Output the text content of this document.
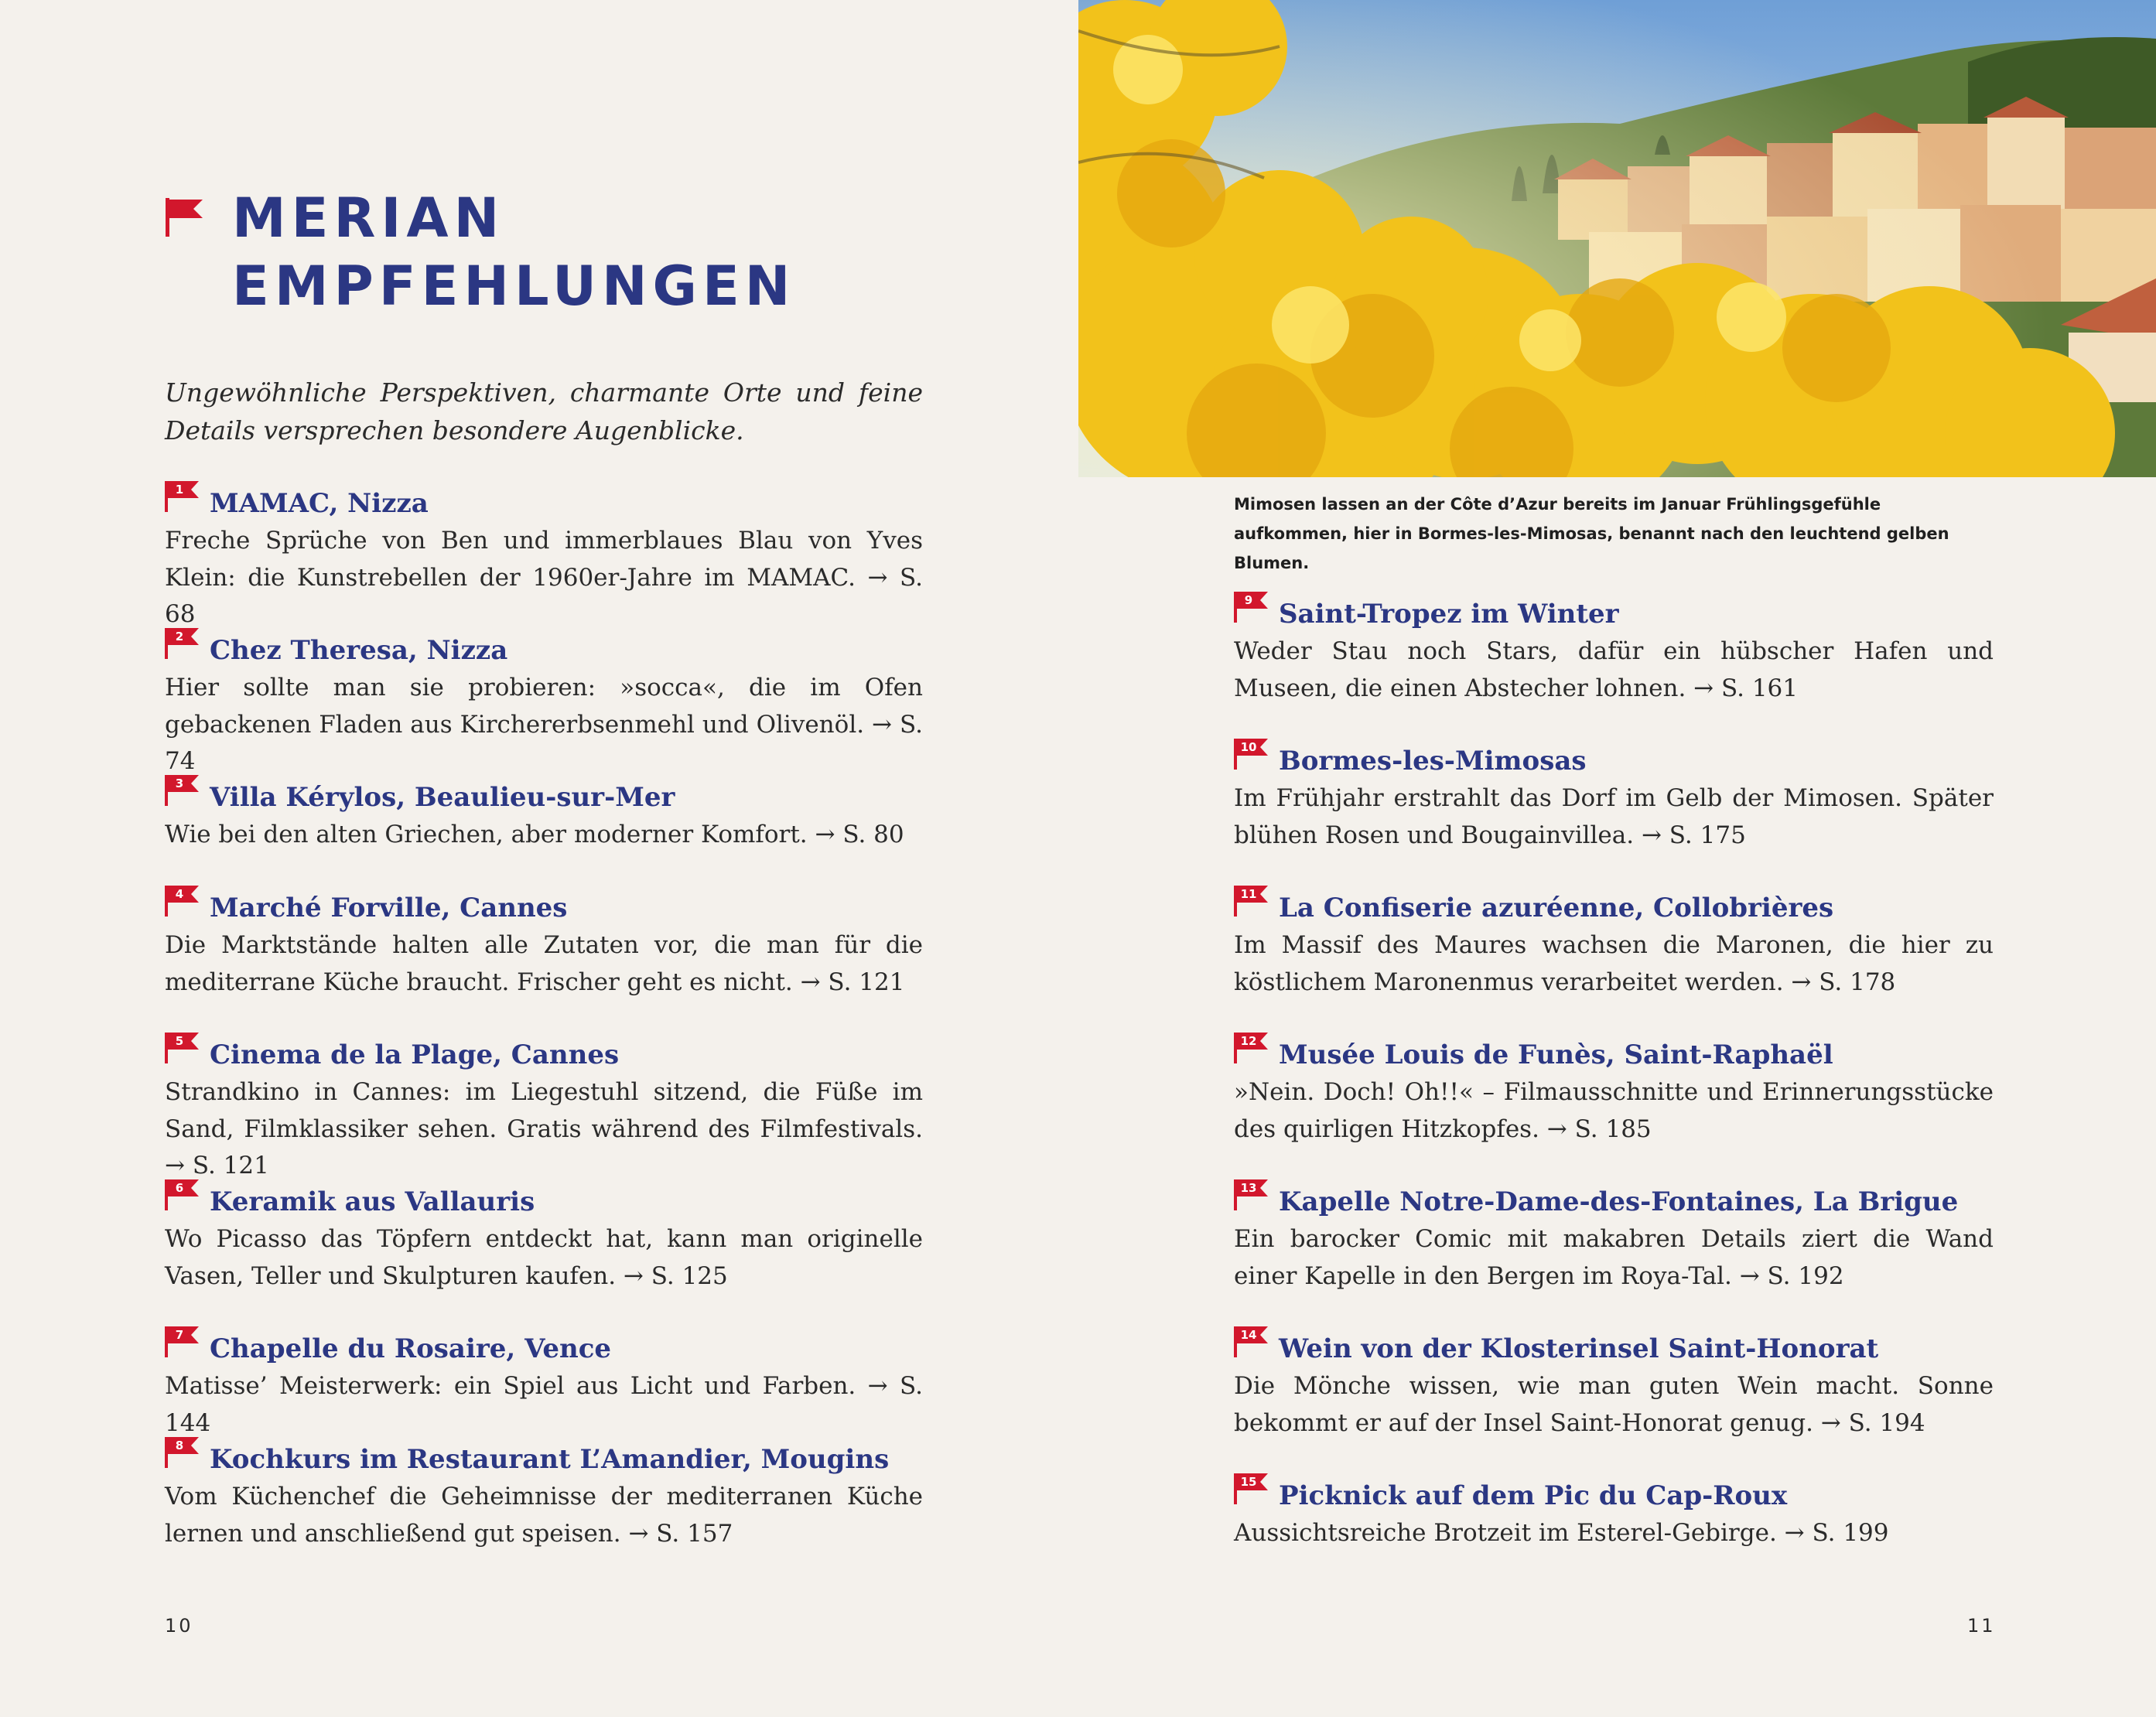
MERIAN
EMPFEHLUNGEN

Ungewöhnliche Perspektiven, charmante Orte und feine Details versprechen besondere Augenblicke.

1 MAMAC, Nizza

Freche Sprüche von Ben und immerblaues Blau von Yves Klein: die Kunstrebellen der 1960er-Jahre im MAMAC. → S. 68

2 Chez Theresa, Nizza

Hier sollte man sie probieren: »socca«, die im Ofen gebackenen Fladen aus Kirchererbsenmehl und Olivenöl. → S. 74

3 Villa Kérylos, Beaulieu-sur-Mer

Wie bei den alten Griechen, aber moderner Komfort. → S. 80

4 Marché Forville, Cannes

Die Marktstände halten alle Zutaten vor, die man für die mediterrane Küche braucht. Frischer geht es nicht. → S. 121

5 Cinema de la Plage, Cannes

Strandkino in Cannes: im Liegestuhl sitzend, die Füße im Sand, Filmklassiker sehen. Gratis während des Filmfestivals. → S. 121

6 Keramik aus Vallauris

Wo Picasso das Töpfern entdeckt hat, kann man originelle Vasen, Teller und Skulpturen kaufen. → S. 125

7 Chapelle du Rosaire, Vence

Matisse’ Meisterwerk: ein Spiel aus Licht und Farben. → S. 144

8 Kochkurs im Restaurant L’Amandier, Mougins

Vom Küchenchef die Geheimnisse der mediterranen Küche lernen und anschließend gut speisen. → S. 157

10

Mimosen lassen an der Côte d’Azur bereits im Januar Frühlingsgefühle aufkommen, hier in Bormes-les-Mimosas, benannt nach den leuchtend gelben Blumen.

9 Saint-Tropez im Winter

Weder Stau noch Stars, dafür ein hübscher Hafen und Museen, die einen Abstecher lohnen. → S. 161

10 Bormes-les-Mimosas

Im Frühjahr erstrahlt das Dorf im Gelb der Mimosen. Später blühen Rosen und Bougainvillea. → S. 175

11 La Confiserie azuréenne, Collobrières

Im Massif des Maures wachsen die Maronen, die hier zu köstlichem Maronenmus verarbeitet werden. → S. 178

12 Musée Louis de Funès, Saint-Raphaël

»Nein. Doch! Oh!!« – Filmausschnitte und Erinnerungsstücke des quirligen Hitzkopfes. → S. 185

13 Kapelle Notre-Dame-des-Fontaines, La Brigue

Ein barocker Comic mit makabren Details ziert die Wand einer Kapelle in den Bergen im Roya-Tal. → S. 192

14 Wein von der Klosterinsel Saint-Honorat

Die Mönche wissen, wie man guten Wein macht. Sonne bekommt er auf der Insel Saint-Honorat genug. → S. 194

15 Picknick auf dem Pic du Cap-Roux

Aussichtsreiche Brotzeit im Esterel-Gebirge. → S. 199

11
